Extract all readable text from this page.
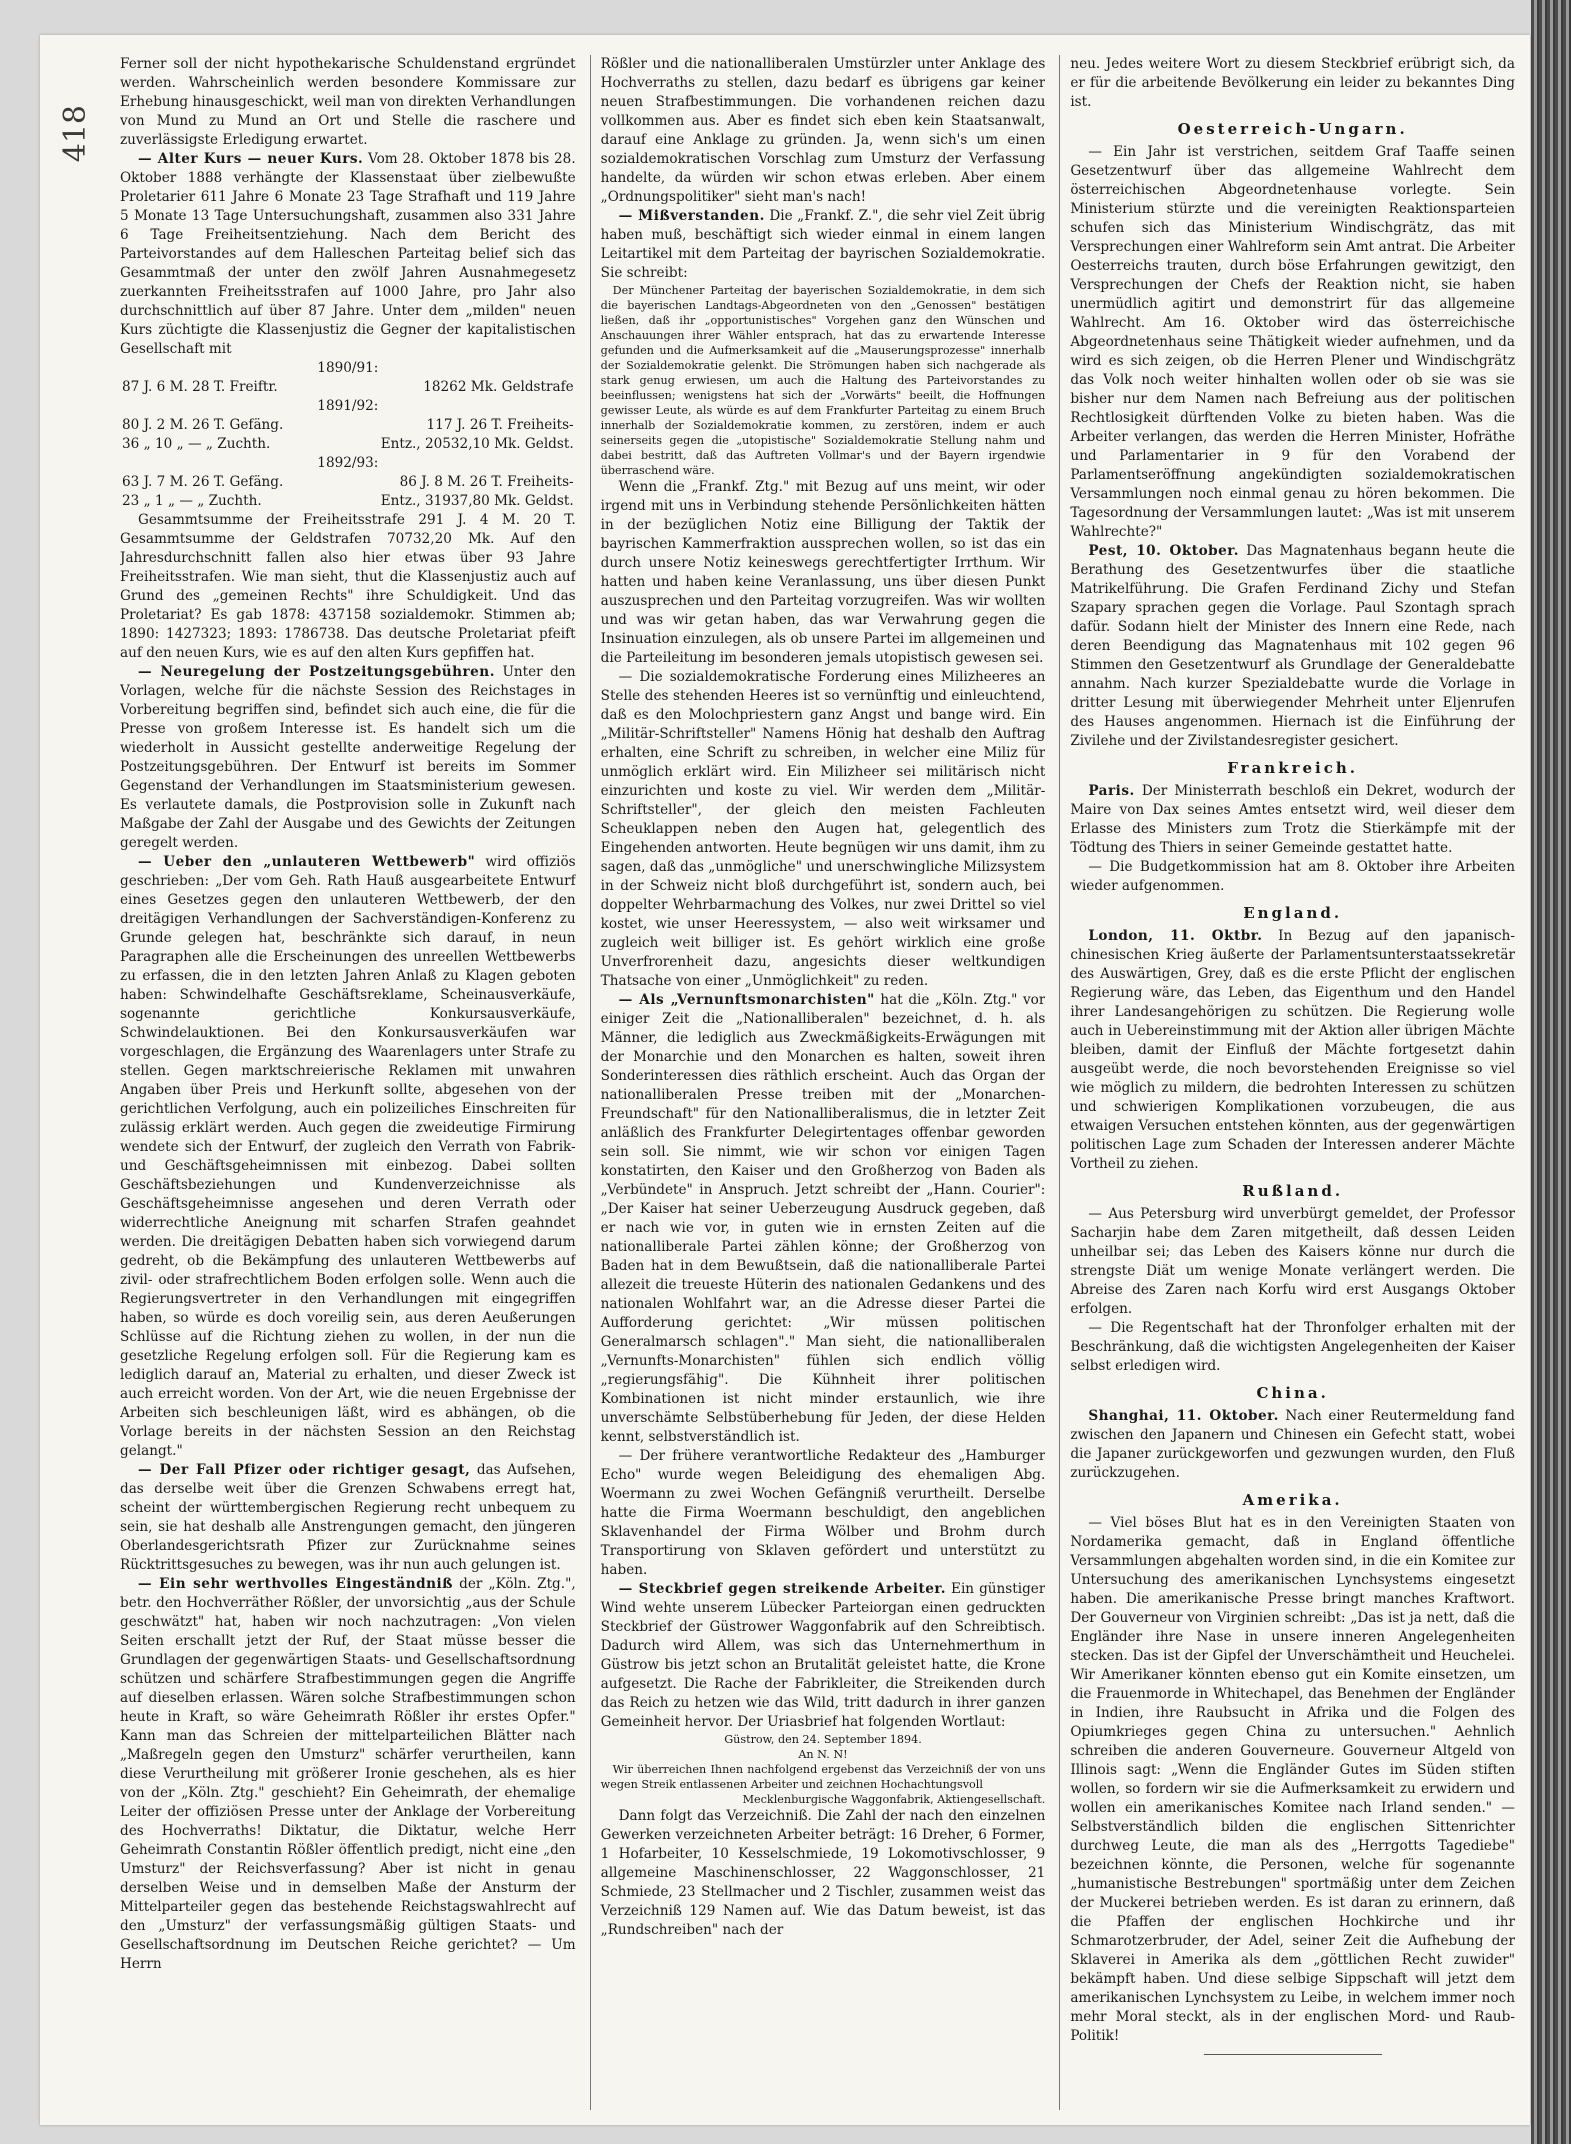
418

Ferner soll der nicht hypothekarische Schuldenstand ergründet werden. Wahrscheinlich werden besondere Kommissare zur Erhebung hinausgeschickt, weil man von direkten Verhandlungen von Mund zu Mund an Ort und Stelle die raschere und zuverlässigste Erledigung erwartet.

— Alter Kurs — neuer Kurs. Vom 28. Oktober 1878 bis 28. Oktober 1888 verhängte der Klassenstaat über zielbewußte Proletarier 611 Jahre 6 Monate 23 Tage Strafhaft und 119 Jahre 5 Monate 13 Tage Untersuchungshaft, zusammen also 331 Jahre 6 Tage Freiheitsentziehung. Nach dem Bericht des Parteivorstandes auf dem Halleschen Parteitag belief sich das Gesammtmaß der unter den zwölf Jahren Ausnahmegesetz zuerkannten Freiheitsstrafen auf 1000 Jahre, pro Jahr also durchschnittlich auf über 87 Jahre. Unter dem „milden" neuen Kurs züchtigte die Klassenjustiz die Gegner der kapitalistischen Gesellschaft mit

1890/91:
87 J. 6 M. 28 T. Freiftr.	18262 Mk. Geldstrafe
1891/92:
80 J. 2 M. 26 T. Gefäng.	117 J. 26 T. Freiheits-
36 „ 10 „ — „ Zuchth.	Entz., 20532,10 Mk. Geldst.
1892/93:
63 J. 7 M. 26 T. Gefäng.	86 J. 8 M. 26 T. Freiheits-
23 „ 1 „ — „ Zuchth.	Entz., 31937,80 Mk. Geldst.

Gesammtsumme der Freiheitsstrafe 291 J. 4 M. 20 T. Gesammtsumme der Geldstrafen 70732,20 Mk. Auf den Jahresdurchschnitt fallen also hier etwas über 93 Jahre Freiheitsstrafen. Wie man sieht, thut die Klassenjustiz auch auf Grund des „gemeinen Rechts" ihre Schuldigkeit. Und das Proletariat? Es gab 1878: 437158 sozialdemokr. Stimmen ab; 1890: 1427323; 1893: 1786738. Das deutsche Proletariat pfeift auf den neuen Kurs, wie es auf den alten Kurs gepfiffen hat.

— Neuregelung der Postzeitungsgebühren. Unter den Vorlagen, welche für die nächste Session des Reichstages in Vorbereitung begriffen sind, befindet sich auch eine, die für die Presse von großem Interesse ist. Es handelt sich um die wiederholt in Aussicht gestellte anderweitige Regelung der Postzeitungsgebühren. Der Entwurf ist bereits im Sommer Gegenstand der Verhandlungen im Staatsministerium gewesen. Es verlautete damals, die Postprovision solle in Zukunft nach Maßgabe der Zahl der Ausgabe und des Gewichts der Zeitungen geregelt werden.

— Ueber den „unlauteren Wettbewerb" wird offiziös geschrieben: „Der vom Geh. Rath Hauß ausgearbeitete Entwurf eines Gesetzes gegen den unlauteren Wettbewerb, der den dreitägigen Verhandlungen der Sachverständigen-Konferenz zu Grunde gelegen hat, beschränkte sich darauf, in neun Paragraphen alle die Erscheinungen des unreellen Wettbewerbs zu erfassen, die in den letzten Jahren Anlaß zu Klagen geboten haben: Schwindelhafte Geschäftsreklame, Scheinausverkäufe, sogenannte gerichtliche Konkursausverkäufe, Schwindelauktionen. Bei den Konkursausverkäufen war vorgeschlagen, die Ergänzung des Waarenlagers unter Strafe zu stellen. Gegen marktschreierische Reklamen mit unwahren Angaben über Preis und Herkunft sollte, abgesehen von der gerichtlichen Verfolgung, auch ein polizeiliches Einschreiten für zulässig erklärt werden. Auch gegen die zweideutige Firmirung wendete sich der Entwurf, der zugleich den Verrath von Fabrik- und Geschäftsgeheimnissen mit einbezog. Dabei sollten Geschäftsbeziehungen und Kundenverzeichnisse als Geschäftsgeheimnisse angesehen und deren Verrath oder widerrechtliche Aneignung mit scharfen Strafen geahndet werden. Die dreitägigen Debatten haben sich vorwiegend darum gedreht, ob die Bekämpfung des unlauteren Wettbewerbs auf zivil- oder strafrechtlichem Boden erfolgen solle. Wenn auch die Regierungsvertreter in den Verhandlungen mit eingegriffen haben, so würde es doch voreilig sein, aus deren Aeußerungen Schlüsse auf die Richtung ziehen zu wollen, in der nun die gesetzliche Regelung erfolgen soll. Für die Regierung kam es lediglich darauf an, Material zu erhalten, und dieser Zweck ist auch erreicht worden. Von der Art, wie die neuen Ergebnisse der Arbeiten sich beschleunigen läßt, wird es abhängen, ob die Vorlage bereits in der nächsten Session an den Reichstag gelangt."

— Der Fall Pfizer oder richtiger gesagt, das Aufsehen, das derselbe weit über die Grenzen Schwabens erregt hat, scheint der württembergischen Regierung recht unbequem zu sein, sie hat deshalb alle Anstrengungen gemacht, den jüngeren Oberlandesgerichtsrath Pfizer zur Zurücknahme seines Rücktrittsgesuches zu bewegen, was ihr nun auch gelungen ist.

— Ein sehr werthvolles Eingeständniß der „Köln. Ztg.", betr. den Hochverräther Rößler, der unvorsichtig „aus der Schule geschwätzt" hat, haben wir noch nachzutragen: „Von vielen Seiten erschallt jetzt der Ruf, der Staat müsse besser die Grundlagen der gegenwärtigen Staats- und Gesellschaftsordnung schützen und schärfere Strafbestimmungen gegen die Angriffe auf dieselben erlassen. Wären solche Strafbestimmungen schon heute in Kraft, so wäre Geheimrath Rößler ihr erstes Opfer." Kann man das Schreien der mittelparteilichen Blätter nach „Maßregeln gegen den Umsturz" schärfer verurtheilen, kann diese Verurtheilung mit größerer Ironie geschehen, als es hier von der „Köln. Ztg." geschieht? Ein Geheimrath, der ehemalige Leiter der offiziösen Presse unter der Anklage der Vorbereitung des Hochverraths! Diktatur, die Diktatur, welche Herr Geheimrath Constantin Rößler öffentlich predigt, nicht eine „den Umsturz" der Reichsverfassung? Aber ist nicht in genau derselben Weise und in demselben Maße der Ansturm der Mittelparteiler gegen das bestehende Reichstagswahlrecht auf den „Umsturz" der verfassungsmäßig gültigen Staats- und Gesellschaftsordnung im Deutschen Reiche gerichtet? — Um Herrn

Rößler und die nationalliberalen Umstürzler unter Anklage des Hochverraths zu stellen, dazu bedarf es übrigens gar keiner neuen Strafbestimmungen. Die vorhandenen reichen dazu vollkommen aus. Aber es findet sich eben kein Staatsanwalt, darauf eine Anklage zu gründen. Ja, wenn sich's um einen sozialdemokratischen Vorschlag zum Umsturz der Verfassung handelte, da würden wir schon etwas erleben. Aber einem „Ordnungspolitiker" sieht man's nach!

— Mißverstanden. Die „Frankf. Z.", die sehr viel Zeit übrig haben muß, beschäftigt sich wieder einmal in einem langen Leitartikel mit dem Parteitag der bayrischen Sozialdemokratie. Sie schreibt:

Der Münchener Parteitag der bayerischen Sozialdemokratie, in dem sich die bayerischen Landtags-Abgeordneten von den „Genossen" bestätigen ließen, daß ihr „opportunistisches" Vorgehen ganz den Wünschen und Anschauungen ihrer Wähler entsprach, hat das zu erwartende Interesse gefunden und die Aufmerksamkeit auf die „Mauserungsprozesse" innerhalb der Sozialdemokratie gelenkt. Die Strömungen haben sich nachgerade als stark genug erwiesen, um auch die Haltung des Parteivorstandes zu beeinflussen; wenigstens hat sich der „Vorwärts" beeilt, die Hoffnungen gewisser Leute, als würde es auf dem Frankfurter Parteitag zu einem Bruch innerhalb der Sozialdemokratie kommen, zu zerstören, indem er auch seinerseits gegen die „utopistische" Sozialdemokratie Stellung nahm und dabei bestritt, daß das Auftreten Vollmar's und der Bayern irgendwie überraschend wäre.

Wenn die „Frankf. Ztg." mit Bezug auf uns meint, wir oder irgend mit uns in Verbindung stehende Persönlichkeiten hätten in der bezüglichen Notiz eine Billigung der Taktik der bayrischen Kammerfraktion aussprechen wollen, so ist das ein durch unsere Notiz keineswegs gerechtfertigter Irrthum. Wir hatten und haben keine Veranlassung, uns über diesen Punkt auszusprechen und den Parteitag vorzugreifen. Was wir wollten und was wir getan haben, das war Verwahrung gegen die Insinuation einzulegen, als ob unsere Partei im allgemeinen und die Parteileitung im besonderen jemals utopistisch gewesen sei.

— Die sozialdemokratische Forderung eines Milizheeres an Stelle des stehenden Heeres ist so vernünftig und einleuchtend, daß es den Molochpriestern ganz Angst und bange wird. Ein „Militär-Schriftsteller" Namens Hönig hat deshalb den Auftrag erhalten, eine Schrift zu schreiben, in welcher eine Miliz für unmöglich erklärt wird. Ein Milizheer sei militärisch nicht einzurichten und koste zu viel. Wir werden dem „Militär-Schriftsteller", der gleich den meisten Fachleuten Scheuklappen neben den Augen hat, gelegentlich des Eingehenden antworten. Heute begnügen wir uns damit, ihm zu sagen, daß das „unmögliche" und unerschwingliche Milizsystem in der Schweiz nicht bloß durchgeführt ist, sondern auch, bei doppelter Wehrbarmachung des Volkes, nur zwei Drittel so viel kostet, wie unser Heeressystem, — also weit wirksamer und zugleich weit billiger ist. Es gehört wirklich eine große Unverfrorenheit dazu, angesichts dieser weltkundigen Thatsache von einer „Unmöglichkeit" zu reden.

— Als „Vernunftsmonarchisten" hat die „Köln. Ztg." vor einiger Zeit die „Nationalliberalen" bezeichnet, d. h. als Männer, die lediglich aus Zweckmäßigkeits-Erwägungen mit der Monarchie und den Monarchen es halten, soweit ihren Sonderinteressen dies räthlich erscheint. Auch das Organ der nationalliberalen Presse treiben mit der „Monarchen-Freundschaft" für den Nationalliberalismus, die in letzter Zeit anläßlich des Frankfurter Delegirtentages offenbar geworden sein soll. Sie nimmt, wie wir schon vor einigen Tagen konstatirten, den Kaiser und den Großherzog von Baden als „Verbündete" in Anspruch. Jetzt schreibt der „Hann. Courier": „Der Kaiser hat seiner Ueberzeugung Ausdruck gegeben, daß er nach wie vor, in guten wie in ernsten Zeiten auf die nationalliberale Partei zählen könne; der Großherzog von Baden hat in dem Bewußtsein, daß die nationalliberale Partei allezeit die treueste Hüterin des nationalen Gedankens und des nationalen Wohlfahrt war, an die Adresse dieser Partei die Aufforderung gerichtet: „Wir müssen politischen Generalmarsch schlagen"." Man sieht, die nationalliberalen „Vernunfts-Monarchisten" fühlen sich endlich völlig „regierungsfähig". Die Kühnheit ihrer politischen Kombinationen ist nicht minder erstaunlich, wie ihre unverschämte Selbstüberhebung für Jeden, der diese Helden kennt, selbstverständlich ist.

— Der frühere verantwortliche Redakteur des „Hamburger Echo" wurde wegen Beleidigung des ehemaligen Abg. Woermann zu zwei Wochen Gefängniß verurtheilt. Derselbe hatte die Firma Woermann beschuldigt, den angeblichen Sklavenhandel der Firma Wölber und Brohm durch Transportirung von Sklaven gefördert und unterstützt zu haben.

— Steckbrief gegen streikende Arbeiter. Ein günstiger Wind wehte unserem Lübecker Parteiorgan einen gedruckten Steckbrief der Güstrower Waggonfabrik auf den Schreibtisch. Dadurch wird Allem, was sich das Unternehmerthum in Güstrow bis jetzt schon an Brutalität geleistet hatte, die Krone aufgesetzt. Die Rache der Fabrikleiter, die Streikenden durch das Reich zu hetzen wie das Wild, tritt dadurch in ihrer ganzen Gemeinheit hervor. Der Uriasbrief hat folgenden Wortlaut:

Güstrow, den 24. September 1894.
An N. N!

Wir überreichen Ihnen nachfolgend ergebenst das Verzeichniß der von uns wegen Streik entlassenen Arbeiter und zeichnen Hochachtungsvoll

Mecklenburgische Waggonfabrik, Aktiengesellschaft.

Dann folgt das Verzeichniß. Die Zahl der nach den einzelnen Gewerken verzeichneten Arbeiter beträgt: 16 Dreher, 6 Former, 1 Hofarbeiter, 10 Kesselschmiede, 19 Lokomotivschlosser, 9 allgemeine Maschinenschlosser, 22 Waggonschlosser, 21 Schmiede, 23 Stellmacher und 2 Tischler, zusammen weist das Verzeichniß 129 Namen auf. Wie das Datum beweist, ist das „Rundschreiben" nach der

neu. Jedes weitere Wort zu diesem Steckbrief erübrigt sich, da er für die arbeitende Bevölkerung ein leider zu bekanntes Ding ist.

Oesterreich-Ungarn.

— Ein Jahr ist verstrichen, seitdem Graf Taaffe seinen Gesetzentwurf über das allgemeine Wahlrecht dem österreichischen Abgeordnetenhause vorlegte. Sein Ministerium stürzte und die vereinigten Reaktionsparteien schufen sich das Ministerium Windischgrätz, das mit Versprechungen einer Wahlreform sein Amt antrat. Die Arbeiter Oesterreichs trauten, durch böse Erfahrungen gewitzigt, den Versprechungen der Chefs der Reaktion nicht, sie haben unermüdlich agitirt und demonstrirt für das allgemeine Wahlrecht. Am 16. Oktober wird das österreichische Abgeordnetenhaus seine Thätigkeit wieder aufnehmen, und da wird es sich zeigen, ob die Herren Plener und Windischgrätz das Volk noch weiter hinhalten wollen oder ob sie was sie bisher nur dem Namen nach Befreiung aus der politischen Rechtlosigkeit dürftenden Volke zu bieten haben. Was die Arbeiter verlangen, das werden die Herren Minister, Hofräthe und Parlamentarier in 9 für den Vorabend der Parlamentseröffnung angekündigten sozialdemokratischen Versammlungen noch einmal genau zu hören bekommen. Die Tagesordnung der Versammlungen lautet: „Was ist mit unserem Wahlrechte?"

Pest, 10. Oktober. Das Magnatenhaus begann heute die Berathung des Gesetzentwurfes über die staatliche Matrikelführung. Die Grafen Ferdinand Zichy und Stefan Szapary sprachen gegen die Vorlage. Paul Szontagh sprach dafür. Sodann hielt der Minister des Innern eine Rede, nach deren Beendigung das Magnatenhaus mit 102 gegen 96 Stimmen den Gesetzentwurf als Grundlage der Generaldebatte annahm. Nach kurzer Spezialdebatte wurde die Vorlage in dritter Lesung mit überwiegender Mehrheit unter Eljenrufen des Hauses angenommen. Hiernach ist die Einführung der Zivilehe und der Zivilstandesregister gesichert.

Frankreich.

Paris. Der Ministerrath beschloß ein Dekret, wodurch der Maire von Dax seines Amtes entsetzt wird, weil dieser dem Erlasse des Ministers zum Trotz die Stierkämpfe mit der Tödtung des Thiers in seiner Gemeinde gestattet hatte.

— Die Budgetkommission hat am 8. Oktober ihre Arbeiten wieder aufgenommen.

England.

London, 11. Oktbr. In Bezug auf den japanisch-chinesischen Krieg äußerte der Parlamentsunterstaatssekretär des Auswärtigen, Grey, daß es die erste Pflicht der englischen Regierung wäre, das Leben, das Eigenthum und den Handel ihrer Landesangehörigen zu schützen. Die Regierung wolle auch in Uebereinstimmung mit der Aktion aller übrigen Mächte bleiben, damit der Einfluß der Mächte fortgesetzt dahin ausgeübt werde, die noch bevorstehenden Ereignisse so viel wie möglich zu mildern, die bedrohten Interessen zu schützen und schwierigen Komplikationen vorzubeugen, die aus etwaigen Versuchen entstehen könnten, aus der gegenwärtigen politischen Lage zum Schaden der Interessen anderer Mächte Vortheil zu ziehen.

Rußland.

— Aus Petersburg wird unverbürgt gemeldet, der Professor Sacharjin habe dem Zaren mitgetheilt, daß dessen Leiden unheilbar sei; das Leben des Kaisers könne nur durch die strengste Diät um wenige Monate verlängert werden. Die Abreise des Zaren nach Korfu wird erst Ausgangs Oktober erfolgen.

— Die Regentschaft hat der Thronfolger erhalten mit der Beschränkung, daß die wichtigsten Angelegenheiten der Kaiser selbst erledigen wird.

China.

Shanghai, 11. Oktober. Nach einer Reutermeldung fand zwischen den Japanern und Chinesen ein Gefecht statt, wobei die Japaner zurückgeworfen und gezwungen wurden, den Fluß zurückzugehen.

Amerika.

— Viel böses Blut hat es in den Vereinigten Staaten von Nordamerika gemacht, daß in England öffentliche Versammlungen abgehalten worden sind, in die ein Komitee zur Untersuchung des amerikanischen Lynchsystems eingesetzt haben. Die amerikanische Presse bringt manches Kraftwort. Der Gouverneur von Virginien schreibt: „Das ist ja nett, daß die Engländer ihre Nase in unsere inneren Angelegenheiten stecken. Das ist der Gipfel der Unverschämtheit und Heuchelei. Wir Amerikaner könnten ebenso gut ein Komite einsetzen, um die Frauenmorde in Whitechapel, das Benehmen der Engländer in Indien, ihre Raubsucht in Afrika und die Folgen des Opiumkrieges gegen China zu untersuchen." Aehnlich schreiben die anderen Gouverneure. Gouverneur Altgeld von Illinois sagt: „Wenn die Engländer Gutes im Süden stiften wollen, so fordern wir sie die Aufmerksamkeit zu erwidern und wollen ein amerikanisches Komitee nach Irland senden." — Selbstverständlich bilden die englischen Sittenrichter durchweg Leute, die man als des „Herrgotts Tagediebe" bezeichnen könnte, die Personen, welche für sogenannte „humanistische Bestrebungen" sportmäßig unter dem Zeichen der Muckerei betrieben werden. Es ist daran zu erinnern, daß die Pfaffen der englischen Hochkirche und ihr Schmarotzerbruder, der Adel, seiner Zeit die Aufhebung der Sklaverei in Amerika als dem „göttlichen Recht zuwider" bekämpft haben. Und diese selbige Sippschaft will jetzt dem amerikanischen Lynchsystem zu Leibe, in welchem immer noch mehr Moral steckt, als in der englischen Mord- und Raub-Politik!
